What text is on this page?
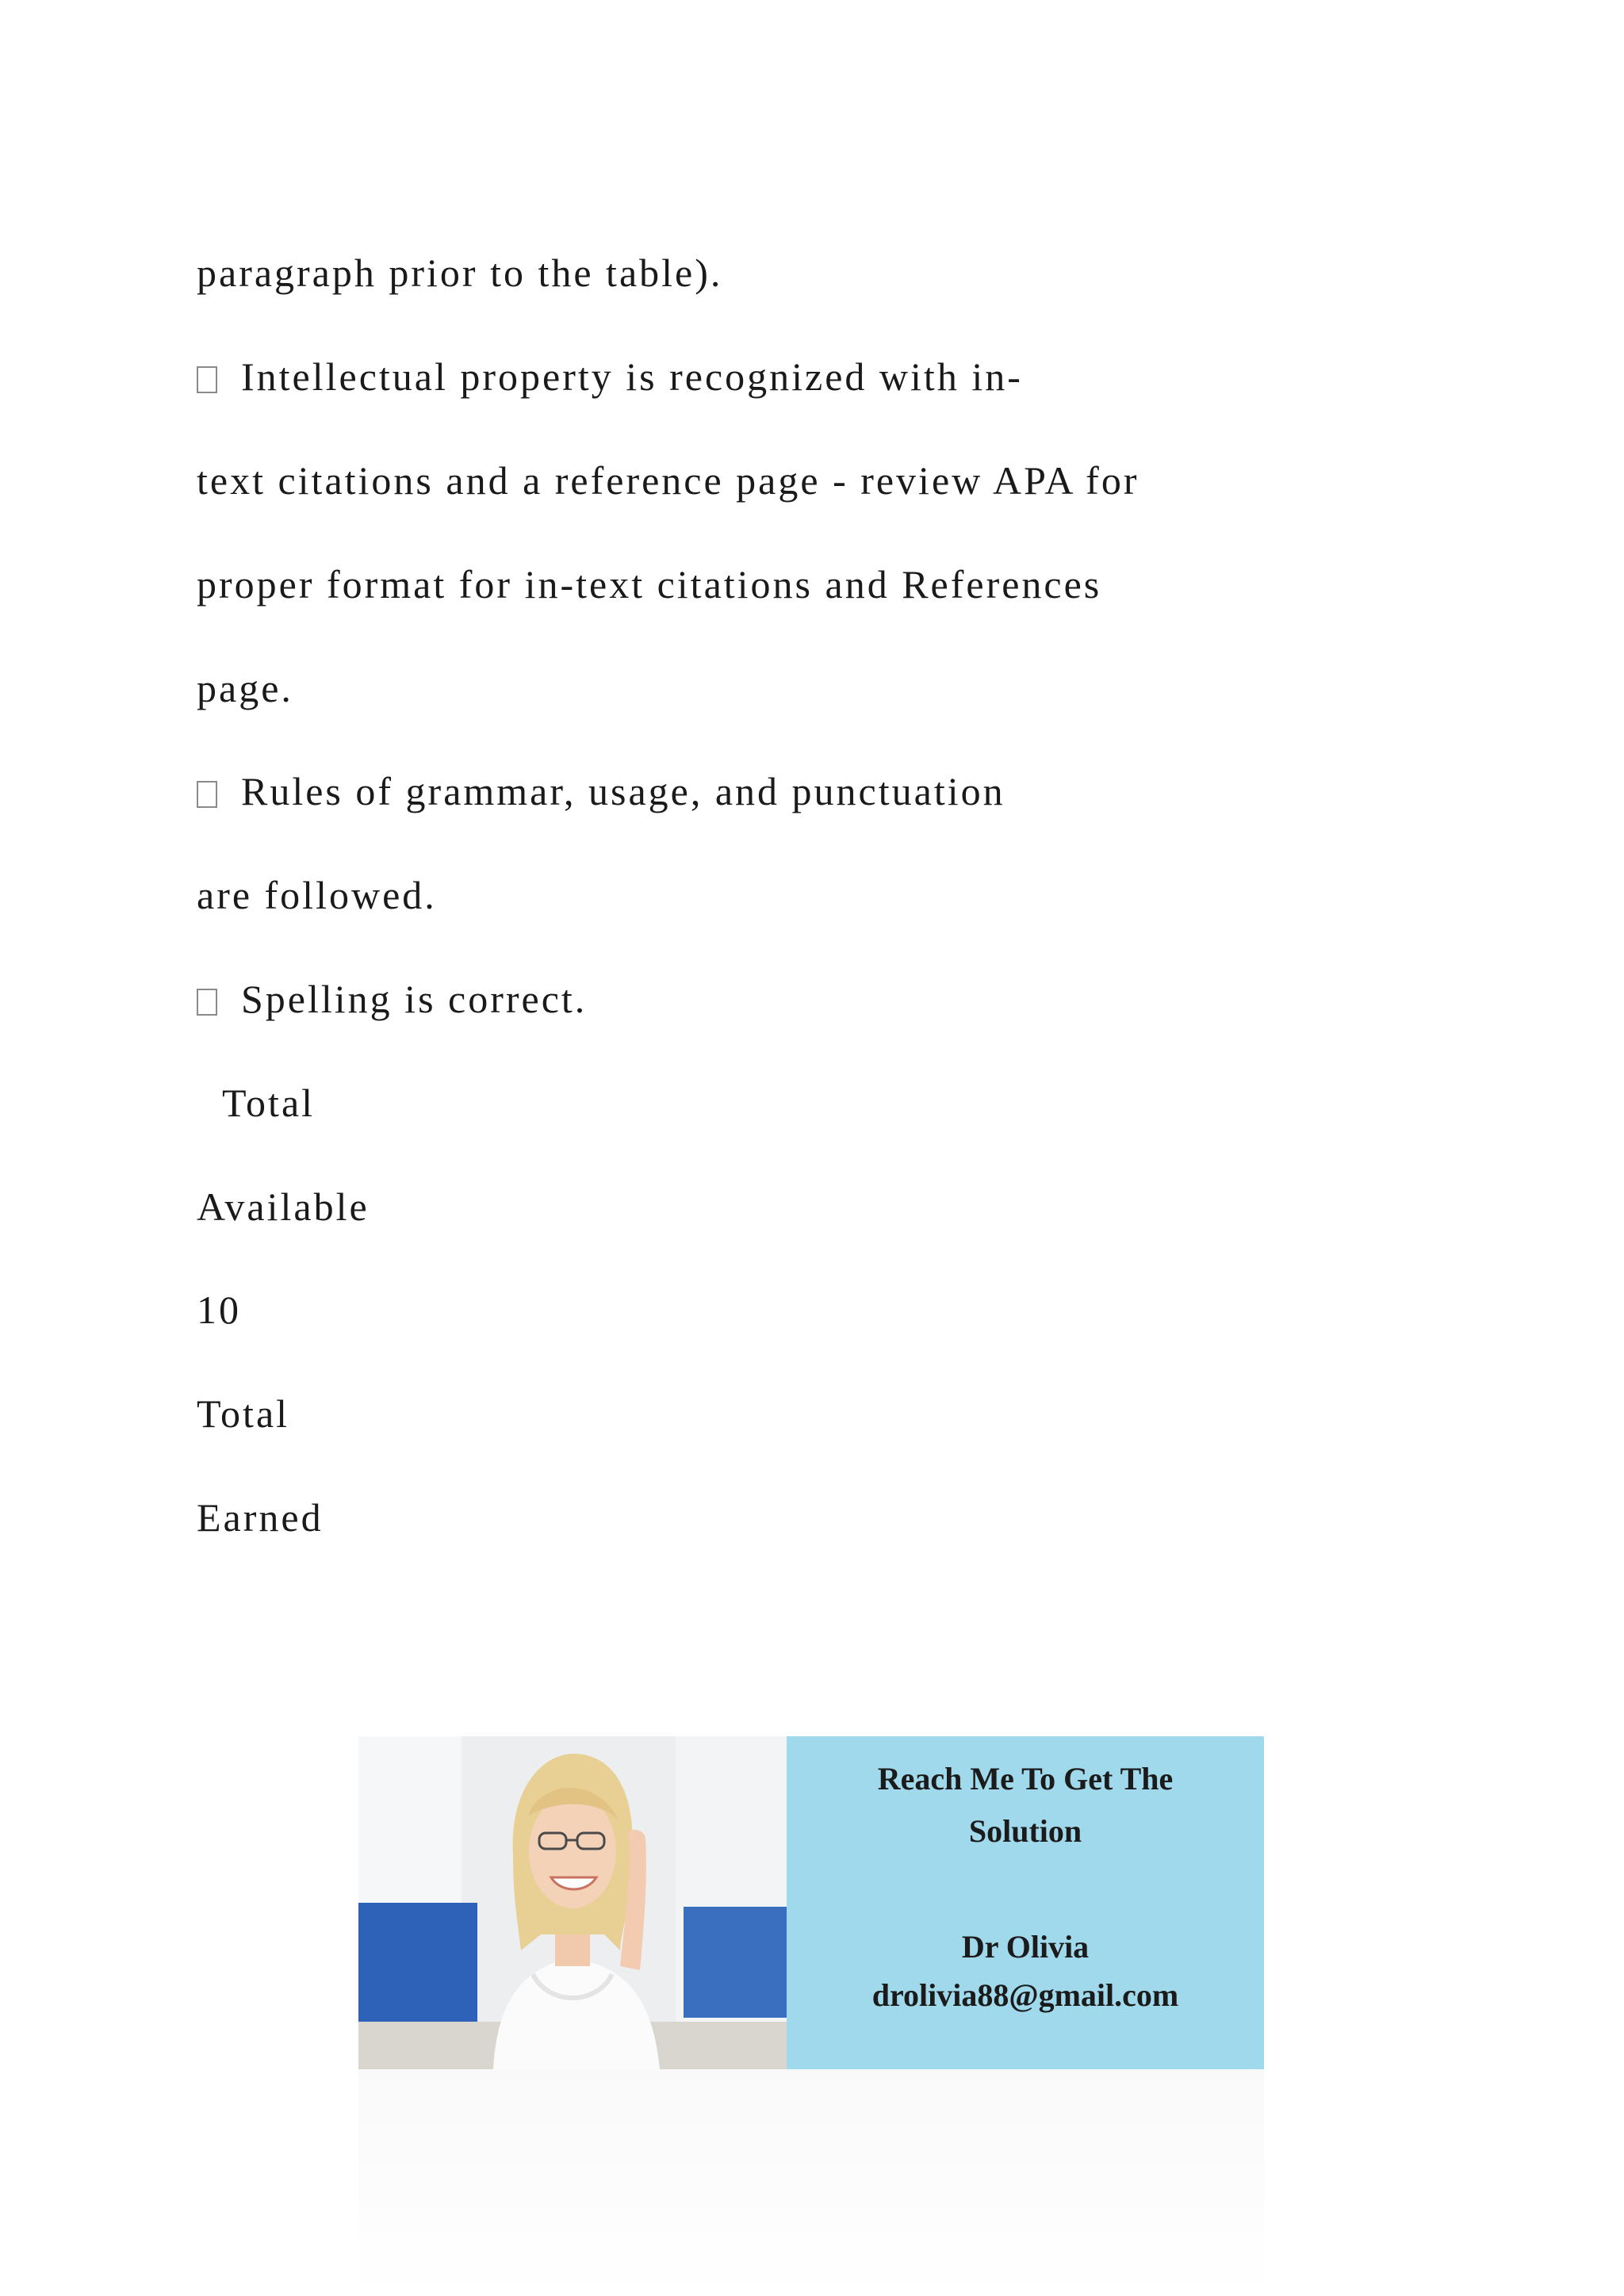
paragraph prior to the table).
Intellectual property is recognized with in-
text citations and a reference page - review APA for
proper format for in-text citations and References
page.
Rules of grammar, usage, and punctuation
are followed.
Spelling is correct.
Total
Available
10
Total
Earned
Reach Me To Get The
Solution
Dr Olivia
drolivia88@gmail.com
